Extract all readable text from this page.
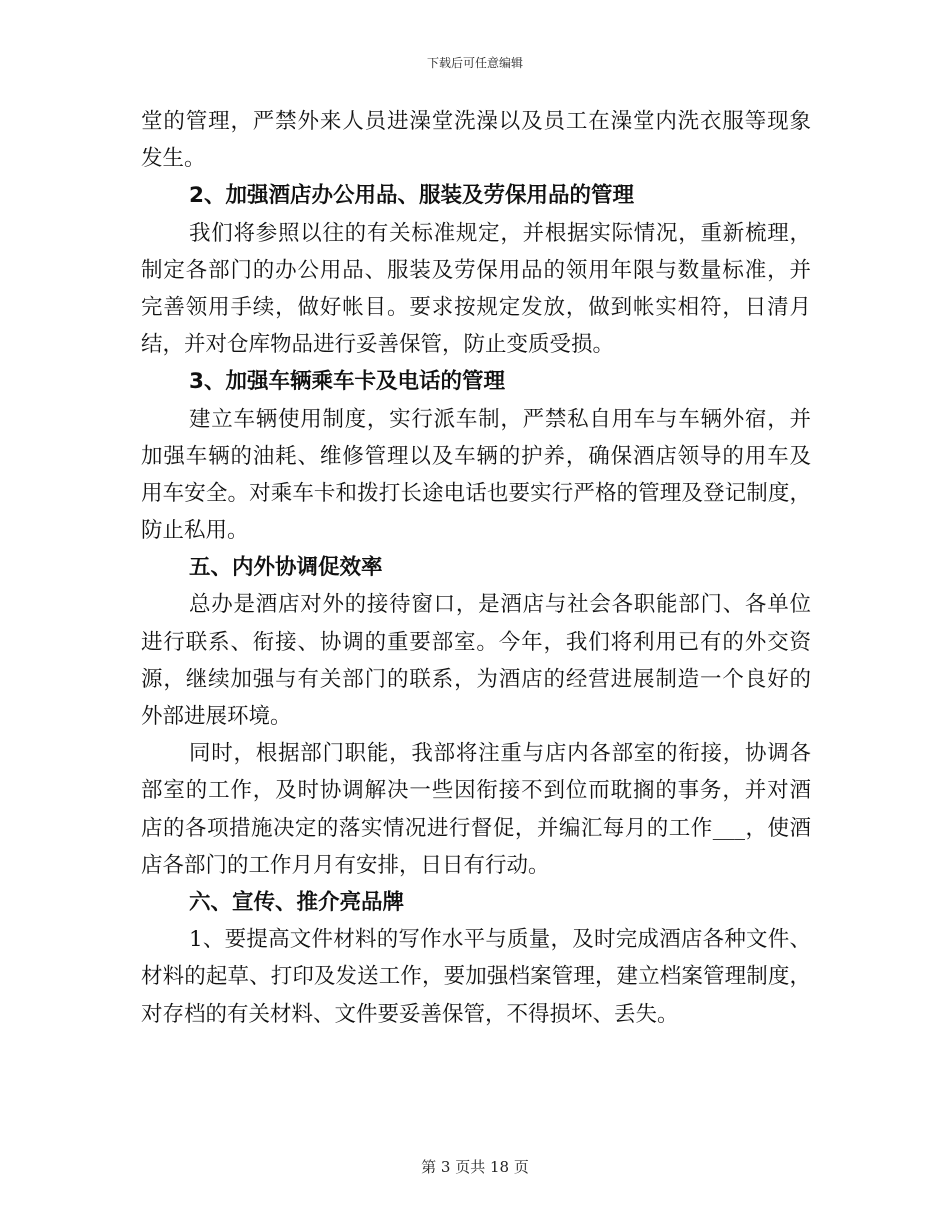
下载后可任意编辑
堂的管理，严禁外来人员进澡堂洗澡以及员工在澡堂内洗衣服等现象
发生。
2、加强酒店办公用品、服装及劳保用品的管理
我们将参照以往的有关标准规定，并根据实际情况，重新梳理，
制定各部门的办公用品、服装及劳保用品的领用年限与数量标准，并
完善领用手续，做好帐目。要求按规定发放，做到帐实相符，日清月
结，并对仓库物品进行妥善保管，防止变质受损。
3、加强车辆乘车卡及电话的管理
建立车辆使用制度，实行派车制，严禁私自用车与车辆外宿，并
加强车辆的油耗、维修管理以及车辆的护养，确保酒店领导的用车及
用车安全。对乘车卡和拨打长途电话也要实行严格的管理及登记制度，
防止私用。
五、内外协调促效率
总办是酒店对外的接待窗口，是酒店与社会各职能部门、各单位
进行联系、衔接、协调的重要部室。今年，我们将利用已有的外交资
源，继续加强与有关部门的联系，为酒店的经营进展制造一个良好的
外部进展环境。
同时，根据部门职能，我部将注重与店内各部室的衔接，协调各
部室的工作，及时协调解决一些因衔接不到位而耽搁的事务，并对酒
店的各项措施决定的落实情况进行督促，并编汇每月的工作___，使酒
店各部门的工作月月有安排，日日有行动。
六、宣传、推介亮品牌
1、要提高文件材料的写作水平与质量，及时完成酒店各种文件、
材料的起草、打印及发送工作，要加强档案管理，建立档案管理制度，
对存档的有关材料、文件要妥善保管，不得损坏、丢失。
第 3 页共 18 页
